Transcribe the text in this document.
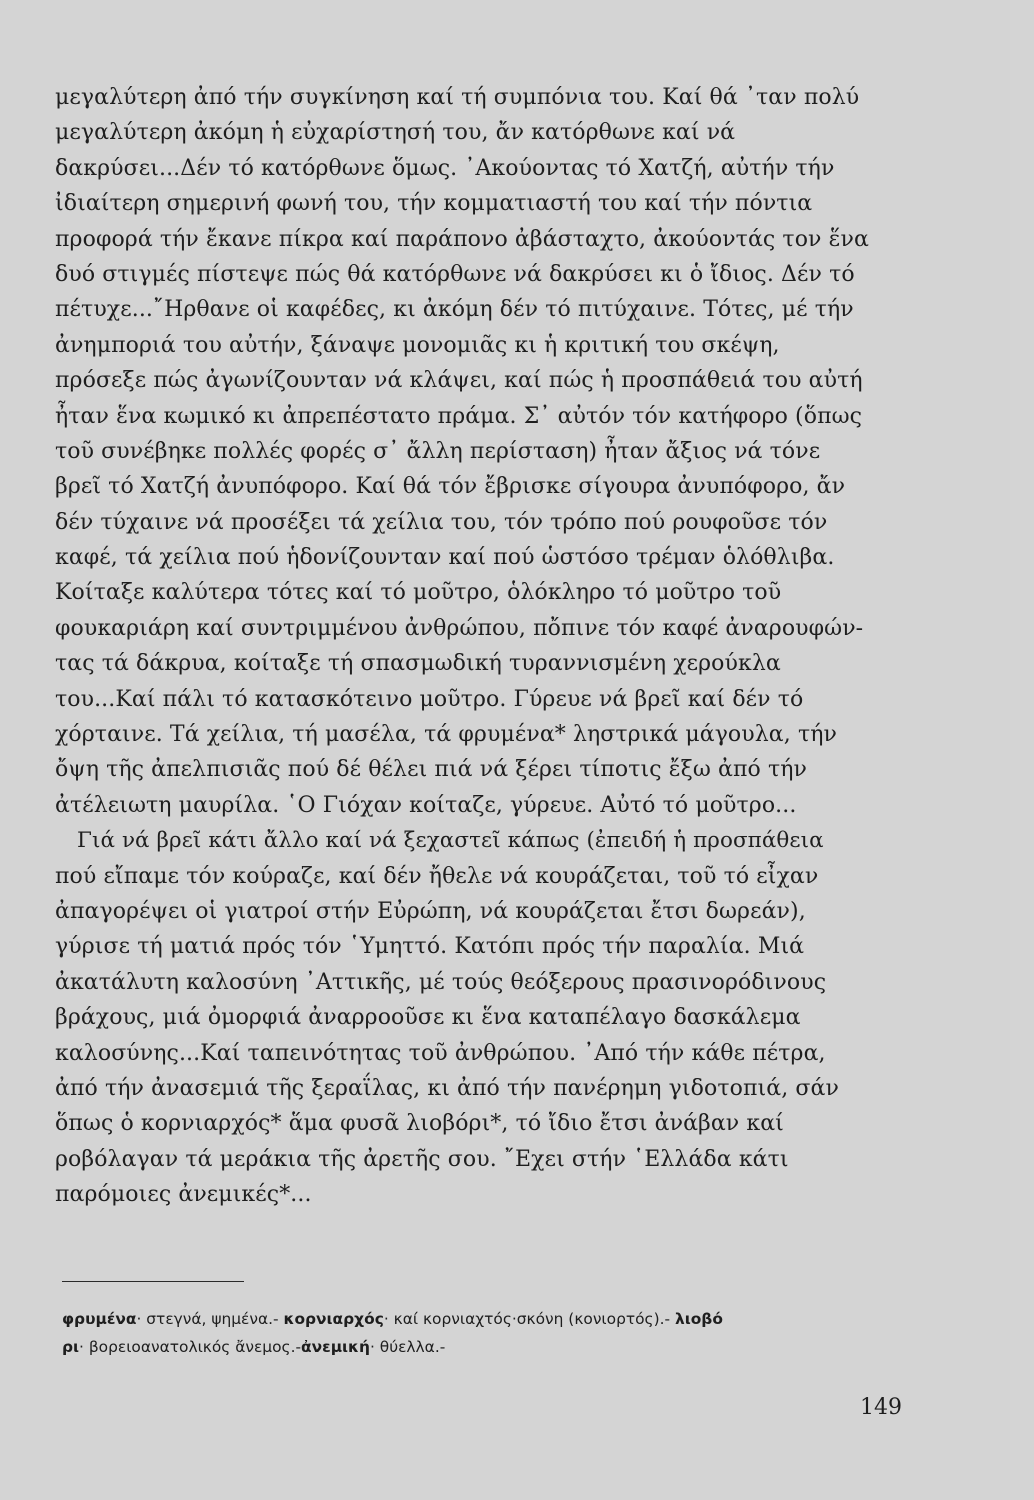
μεγαλύτερη ἀπό τήν συγκίνηση καί τή συμπόνια του. Καί θά ᾽ταν πολύ
μεγαλύτερη ἀκόμη ἡ εὐχαρίστησή του, ἄν κατόρθωνε καί νά
δακρύσει...Δέν τό κατόρθωνε ὅμως. ᾽Ακούοντας τό Χατζή, αὐτήν τήν
ἰδιαίτερη σημερινή φωνή του, τήν κομματιαστή του καί τήν πόντια
προφορά τήν ἔκανε πίκρα καί παράπονο ἀβάσταχτο, ἀκούοντάς τον ἕνα
δυό στιγμές πίστεψε πώς θά κατόρθωνε νά δακρύσει κι ὁ ἴδιος. Δέν τό
πέτυχε...῎Ηρθανε οἱ καφέδες, κι ἀκόμη δέν τό πιτύχαινε. Τότες, μέ τήν
ἀνημποριά του αὐτήν, ξάναψε μονομιᾶς κι ἡ κριτική του σκέψη,
πρόσεξε πώς ἀγωνίζουνταν νά κλάψει, καί πώς ἡ προσπάθειά του αὐτή
ἦταν ἕνα κωμικό κι ἀπρεπέστατο πράμα. Σ᾽ αὐτόν τόν κατήφορο (ὅπως
τοῦ συνέβηκε πολλές φορές σ᾽ ἄλλη περίσταση) ἦταν ἄξιος νά τόνε
βρεῖ τό Χατζή ἀνυπόφορο. Καί θά τόν ἔβρισκε σίγουρα ἀνυπόφορο, ἄν
δέν τύχαινε νά προσέξει τά χείλια του, τόν τρόπο πού ρουφοῦσε τόν
καφέ, τά χείλια πού ἡδονίζουνταν καί πού ὡστόσο τρέμαν ὁλόθλιβα.
Κοίταξε καλύτερα τότες καί τό μοῦτρο, ὁλόκληρο τό μοῦτρο τοῦ
φουκαριάρη καί συντριμμένου ἀνθρώπου, πὄπινε τόν καφέ ἀναρουφών-
τας τά δάκρυα, κοίταξε τή σπασμωδική τυραννισμένη χερούκλα
του...Καί πάλι τό κατασκότεινο μοῦτρο. Γύρευε νά βρεῖ καί δέν τό
χόρταινε. Τά χείλια, τή μασέλα, τά φρυμένα* ληστρικά μάγουλα, τήν
ὄψη τῆς ἀπελπισιᾶς πού δέ θέλει πιά νά ξέρει τίποτις ἔξω ἀπό τήν
ἀτέλειωτη μαυρίλα. ῾Ο Γιόχαν κοίταζε, γύρευε. Αὐτό τό μοῦτρο...
Γιά νά βρεῖ κάτι ἄλλο καί νά ξεχαστεῖ κάπως (ἐπειδή ἡ προσπάθεια
πού εἴπαμε τόν κούραζε, καί δέν ἤθελε νά κουράζεται, τοῦ τό εἶχαν
ἀπαγορέψει οἱ γιατροί στήν Εὐρώπη, νά κουράζεται ἔτσι δωρεάν),
γύρισε τή ματιά πρός τόν ῾Υμηττό. Κατόπι πρός τήν παραλία. Μιά
ἀκατάλυτη καλοσύνη ᾽Αττικῆς, μέ τούς θεόξερους πρασινορόδινους
βράχους, μιά ὀμορφιά ἀναρροοῦσε κι ἕνα καταπέλαγο δασκάλεμα
καλοσύνης...Καί ταπεινότητας τοῦ ἀνθρώπου. ᾽Από τήν κάθε πέτρα,
ἀπό τήν ἀνασεμιά τῆς ξεραΐλας, κι ἀπό τήν πανέρημη γιδοτοπιά, σάν
ὅπως ὁ κορνιαρχός* ἅμα φυσᾶ λιοβόρι*, τό ἴδιο ἔτσι ἀνάβαν καί
ροβόλαγαν τά μεράκια τῆς ἀρετῆς σου. ῎Εχει στήν ῾Ελλάδα κάτι
παρόμοιες ἀνεμικές*...
φρυμένα· στεγνά, ψημένα.- κορνιαρχός· καί κορνιαχτός·σκόνη (κονιορτός).- λιοβό
ρι· βορειοανατολικός ἄνεμος.-ἀνεμική· θύελλα.-
149
